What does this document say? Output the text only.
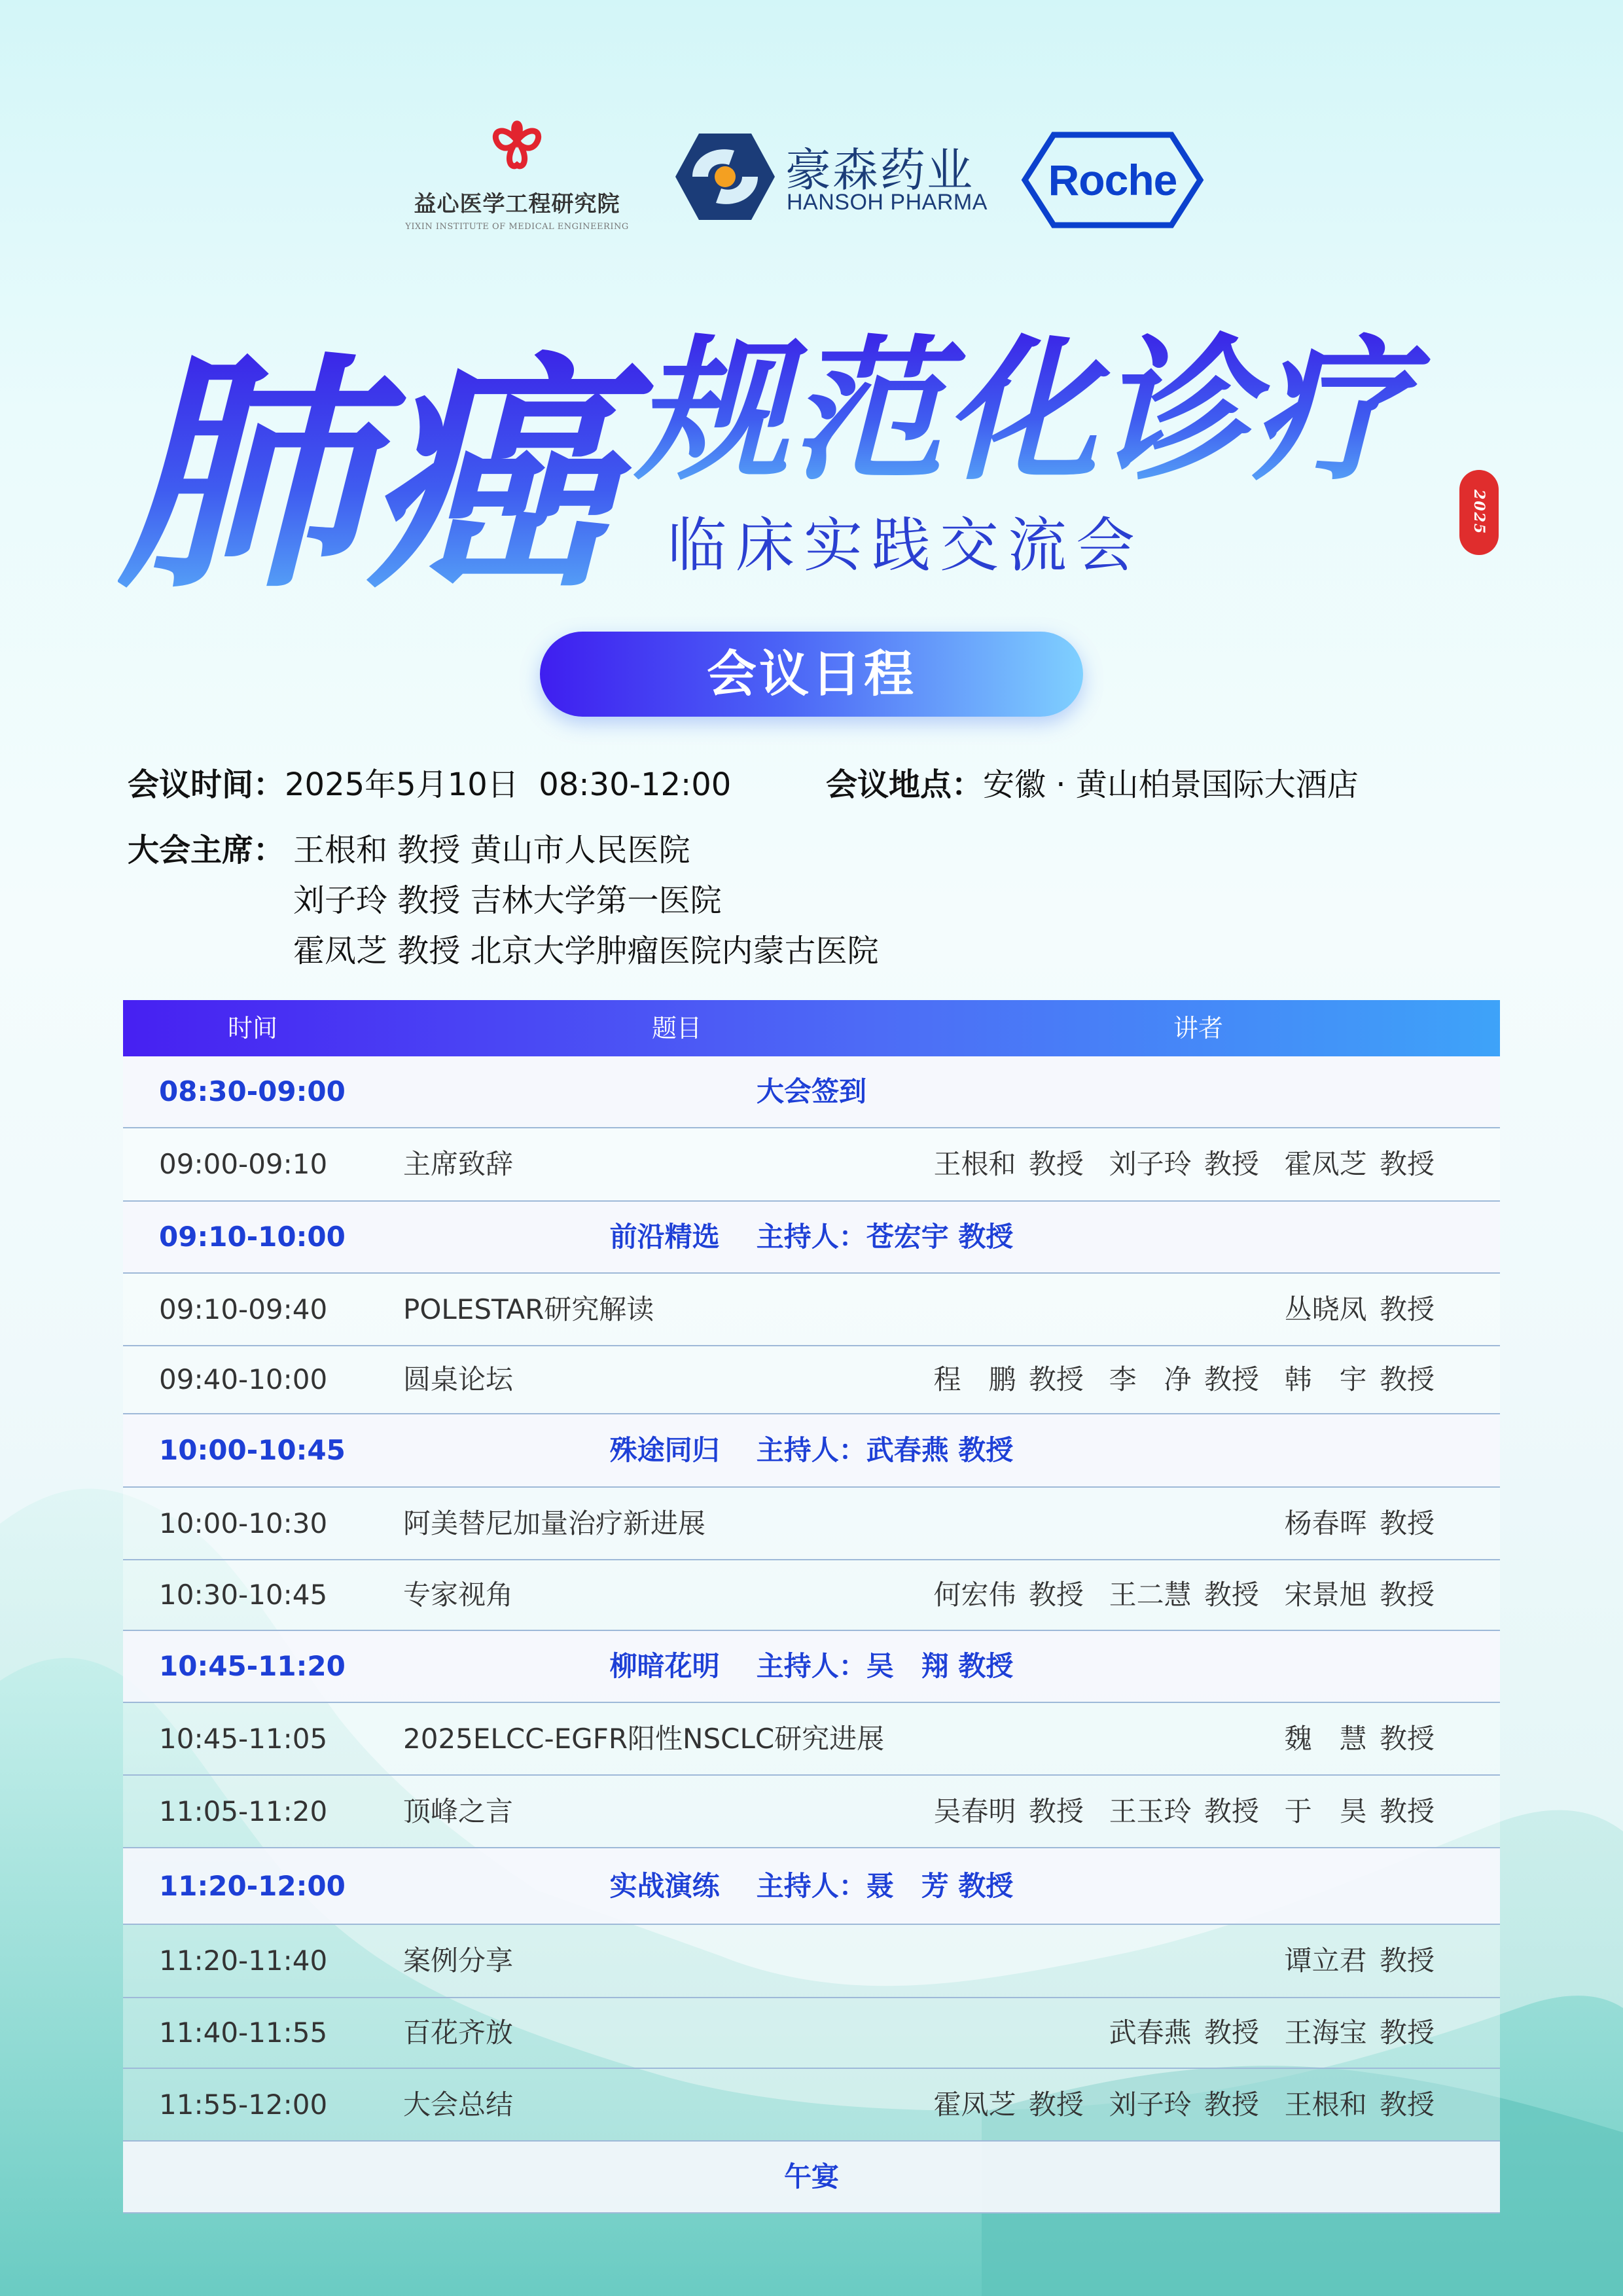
益心医学工程研究院
YIXIN INSTITUTE OF MEDICAL ENGINEERING
豪森药业
HANSOH PHARMA	Roche
肺癌 规范化诊疗
临床实践交流会	2025
会议日程
会议时间：2025年5月10日  08:30-12:00	会议地点：安徽 · 黄山柏景国际大酒店
大会主席： 王根和 教授 黄山市人民医院
刘子玲 教授 吉林大学第一医院
霍凤芝 教授 北京大学肿瘤医院内蒙古医院
时间	题目	讲者
08:30-09:00	大会签到
09:00-09:10	主席致辞	王根和 教授  刘子玲 教授  霍凤芝 教授
09:10-10:00	前沿精选 主持人：苍宏宇 教授
09:10-09:40	POLESTAR研究解读	丛晓凤 教授
09:40-10:00	圆桌论坛	程　鹏 教授  李　净 教授  韩　宇 教授
10:00-10:45	殊途同归 主持人：武春燕 教授
10:00-10:30	阿美替尼加量治疗新进展	杨春晖 教授
10:30-10:45	专家视角	何宏伟 教授  王二慧 教授  宋景旭 教授
10:45-11:20	柳暗花明 主持人：吴　翔 教授
10:45-11:05	2025ELCC-EGFR阳性NSCLC研究进展	魏　慧 教授
11:05-11:20	顶峰之言	吴春明 教授  王玉玲 教授  于　昊 教授
11:20-12:00	实战演练 主持人：聂　芳 教授
11:20-11:40	案例分享	谭立君 教授
11:40-11:55	百花齐放	武春燕 教授  王海宝 教授
11:55-12:00	大会总结	霍凤芝 教授  刘子玲 教授  王根和 教授
午宴
